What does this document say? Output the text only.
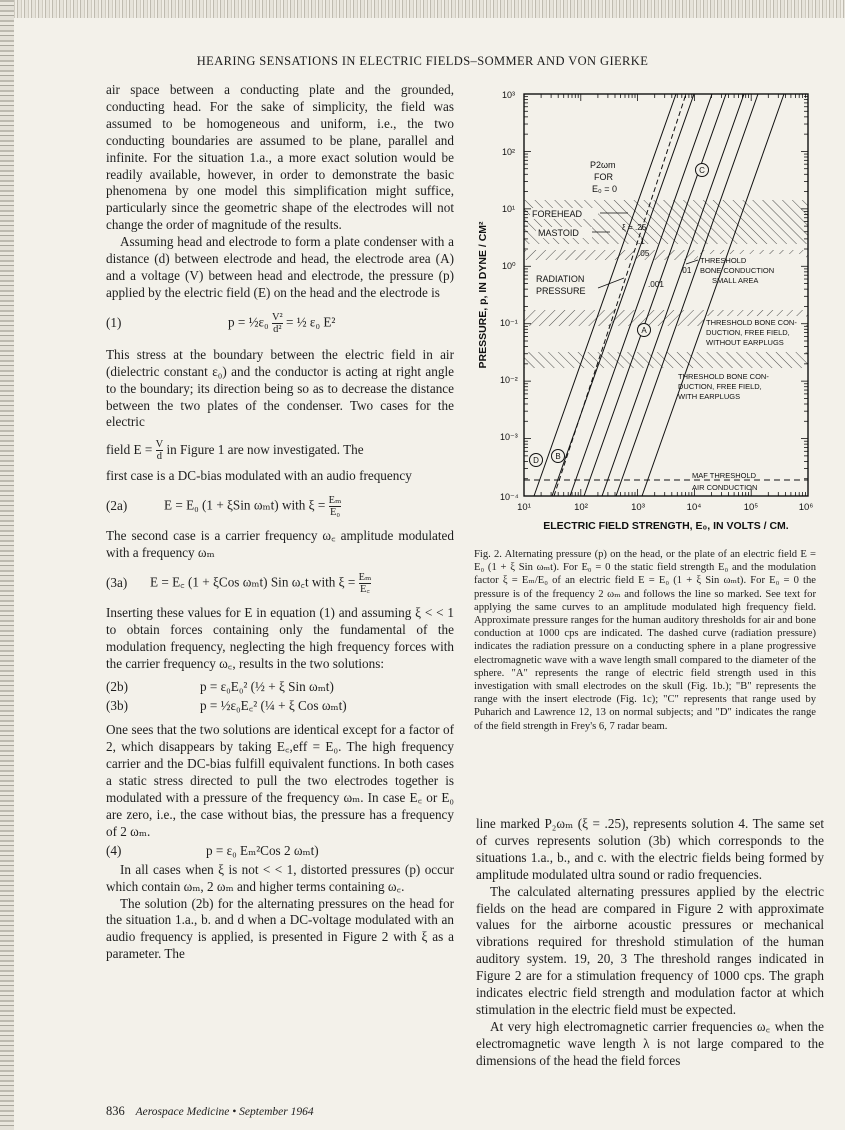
HEARING SENSATIONS IN ELECTRIC FIELDS–SOMMER AND VON GIERKE

air space between a conducting plate and the grounded, conducting head. For the sake of simplicity, the field was assumed to be homogeneous and uniform, i.e., the two conducting boundaries are assumed to be plane, parallel and infinite. For the situation 1.a., a more exact solution would be readily available, however, in order to demonstrate the basic phenomena by one model this simplification might suffice, particularly since the geometric shape of the electrodes will not change the order of magnitude of the results.

Assuming head and electrode to form a plate condenser with a distance (d) between electrode and head, the electrode area (A) and a voltage (V) between head and electrode, the pressure (p) applied by the electric field (E) on the head and the electrode is

(1)	p = ½ε₀ $\frac{\text{V²}}{\text{d²}}$ = ½ ε₀ E²

This stress at the boundary between the electric field in air (dielectric constant ε₀) and the conductor is acting at right angle to the boundary; its direction being so as to decrease the distance between the two plates of the condenser. Two cases for the electric

field E =
$\frac{V}{d}$
in Figure 1 are now investigated. The

first case is a DC-bias modulated with an audio frequency

(2a)	E = E₀ (1 + ξSin ωₘt) with $\xi = \frac{\text{Eₘ}}{\text{E₀}}$

The second case is a carrier frequency ω꜀ amplitude modulated with a frequency ωₘ

(3a)	E = E꜀ (1 + ξCos ωₘt) Sin ω꜀t with $\xi = \frac{\text{Eₘ}}{E꜀}$

Inserting these values for E in equation (1) and assuming ξ < < 1 to obtain forces containing only the fundamental of the modulation frequency, neglecting the high frequency forces with the carrier frequency ω꜀, results in the two solutions:

(2b)	p = ε₀E₀² (½ + ξ Sin ωₘt)
(3b)	p = ½ε₀E꜀² (¼ + ξ Cos ωₘt)

One sees that the two solutions are identical except for a factor of 2, which disappears by taking E꜀,eff = E₀. The high frequency carrier and the DC-bias fulfill equivalent functions. In both cases a static stress directed to pull the two electrodes together is modulated with a pressure of the frequency ωₘ. In case E꜀ or E₀ are zero, i.e., the case without bias, the pressure has a frequency of 2 ωₘ.

(4)	p = ε₀ Eₘ²Cos 2 ωₘt)

In all cases when ξ is not < < 1, distorted pressures (p) occur which contain ωₘ, 2 ωₘ and higher terms containing ω꜀.

The solution (2b) for the alternating pressures on the head for the situation 1.a., b. and d when a DC-voltage modulated with an audio frequency is applied, is presented in Figure 2 with ξ as a parameter. The

10³
10²
10¹
10⁰
10⁻¹
10⁻²
10⁻³
10⁻⁴
10¹	10²	10³	10⁴	10⁵	10⁶
PRESSURE, p, IN DYNE / CM²
ELECTRIC FIELD STRENGTH, E₀, IN VOLTS / CM.
P2ωm
FOR
E₀ = 0
C
FOREHEAD
ξ = .25
MASTOID
.1
.05
.01
.001
THRESHOLD
BONE CONDUCTION
SMALL AREA
RADIATION
PRESSURE
A
THRESHOLD BONE CON-
DUCTION, FREE FIELD,
WITHOUT EARPLUGS
THRESHOLD BONE CON-
DUCTION, FREE FIELD,
WITH EARPLUGS
D B
MAF THRESHOLD
AIR CONDUCTION

Fig. 2. Alternating pressure (p) on the head, or the plate of an electric field E = E₀ (1 + ξ Sin ωₘt). For E₀ = 0 the static field strength E₀ and the modulation factor ξ = Eₘ/E₀ of an electric field E = E₀ (1 + ξ Sin ωₘt). For E₀ = 0 the pressure is of the frequency 2 ωₘ and follows the line so marked. See text for applying the same curves to an amplitude modulated high frequency field. Approximate pressure ranges for the human auditory thresholds for air and bone conduction at 1000 cps are indicated. The dashed curve (radiation pressure) indicates the radiation pressure on a conducting sphere in a plane progressive electromagnetic wave with a wave length small compared to the diameter of the sphere. "A" represents the range of electric field strength used in this investigation with small electrodes on the skull (Fig. 1b.); "B" represents the range with the insert electrode (Fig. 1c); "C" represents that range used by Puharich and Lawrence 12, 13 on normal subjects; and "D" indicates the range of the field strength in Frey's 6, 7 radar beam.

line marked P₂ωₘ (ξ = .25), represents solution 4. The same set of curves represents solution (3b) which corresponds to the situations 1.a., b., and c. with the electric fields being formed by amplitude modulated ultra sound or radio frequencies.

The calculated alternating pressures applied by the electric fields on the head are compared in Figure 2 with approximate values for the airborne acoustic pressures or mechanical vibrations required for threshold stimulation of the human auditory system. 19, 20, 3 The threshold ranges indicated in Figure 2 are for a stimulation frequency of 1000 cps. The graph indicates electric field strength and modulation factor at which stimulation in the electric field must be expected.

At very high electromagnetic carrier frequencies ω꜀ when the electromagnetic wave length λ is not large compared to the dimensions of the head the field forces

836 Aerospace Medicine • September 1964
